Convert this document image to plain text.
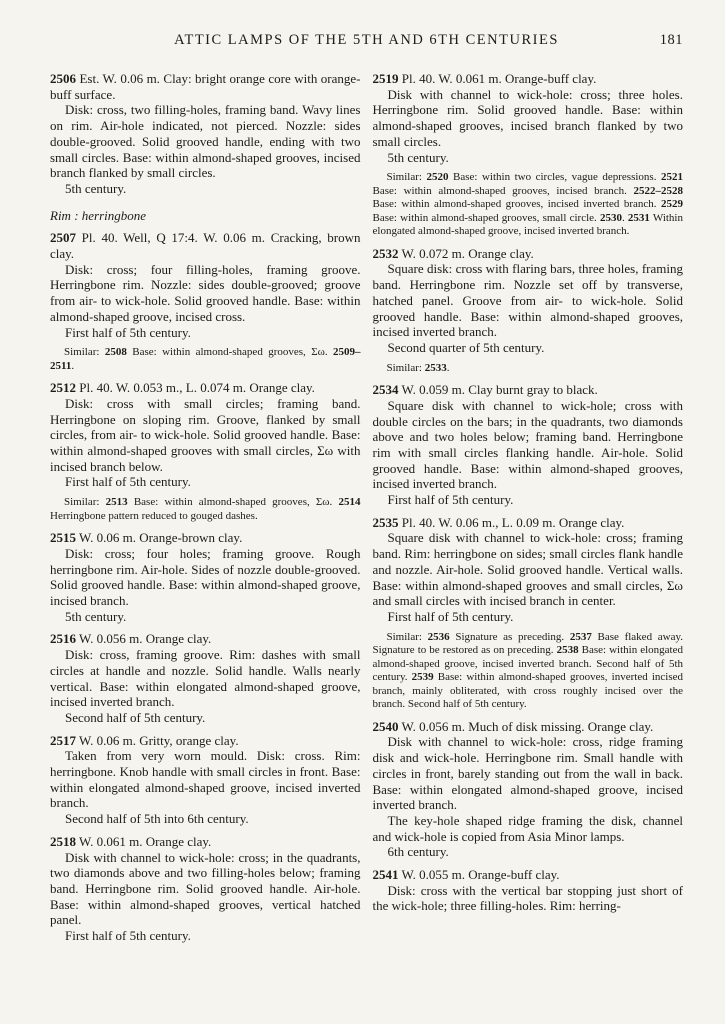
ATTIC LAMPS OF THE 5TH AND 6TH CENTURIES	181

2506 Est. W. 0.06 m. Clay: bright orange core with orange-buff surface.

Disk: cross, two filling-holes, framing band. Wavy lines on rim. Air-hole indicated, not pierced. Nozzle: sides double-grooved. Solid grooved handle, ending with two small circles. Base: within almond-shaped grooves, incised branch flanked by small circles.

5th century.

Rim : herringbone

2507 Pl. 40. Well, Q 17:4. W. 0.06 m. Cracking, brown clay.

Disk: cross; four filling-holes, framing groove. Herringbone rim. Nozzle: sides double-grooved; groove from air- to wick-hole. Solid grooved handle. Base: within almond-shaped groove, incised cross.

First half of 5th century.

Similar: 2508 Base: within almond-shaped grooves, Σω. 2509–2511.

2512 Pl. 40. W. 0.053 m., L. 0.074 m. Orange clay.

Disk: cross with small circles; framing band. Herringbone on sloping rim. Groove, flanked by small circles, from air- to wick-hole. Solid grooved handle. Base: within almond-shaped grooves with small circles, Σω with incised branch below.

First half of 5th century.

Similar: 2513 Base: within almond-shaped grooves, Σω. 2514 Herringbone pattern reduced to gouged dashes.

2515 W. 0.06 m. Orange-brown clay.

Disk: cross; four holes; framing groove. Rough herringbone rim. Air-hole. Sides of nozzle double-grooved. Solid grooved handle. Base: within almond-shaped groove, incised branch.

5th century.

2516 W. 0.056 m. Orange clay.

Disk: cross, framing groove. Rim: dashes with small circles at handle and nozzle. Solid handle. Walls nearly vertical. Base: within elongated almond-shaped groove, incised inverted branch.

Second half of 5th century.

2517 W. 0.06 m. Gritty, orange clay.

Taken from very worn mould. Disk: cross. Rim: herringbone. Knob handle with small circles in front. Base: within elongated almond-shaped groove, incised inverted branch.

Second half of 5th into 6th century.

2518 W. 0.061 m. Orange clay.

Disk with channel to wick-hole: cross; in the quadrants, two diamonds above and two filling-holes below; framing band. Herringbone rim. Solid grooved handle. Air-hole. Base: within almond-shaped grooves, vertical hatched panel.

First half of 5th century.

2519 Pl. 40. W. 0.061 m. Orange-buff clay.

Disk with channel to wick-hole: cross; three holes. Herringbone rim. Solid grooved handle. Base: within almond-shaped grooves, incised branch flanked by two small circles.

5th century.

Similar: 2520 Base: within two circles, vague depressions. 2521 Base: within almond-shaped grooves, incised branch. 2522–2528 Base: within almond-shaped grooves, incised inverted branch. 2529 Base: within almond-shaped grooves, small circle. 2530. 2531 Within elongated almond-shaped groove, incised inverted branch.

2532 W. 0.072 m. Orange clay.

Square disk: cross with flaring bars, three holes, framing band. Herringbone rim. Nozzle set off by transverse, hatched panel. Groove from air- to wick-hole. Solid grooved handle. Base: within almond-shaped grooves, incised inverted branch.

Second quarter of 5th century.

Similar: 2533.

2534 W. 0.059 m. Clay burnt gray to black.

Square disk with channel to wick-hole; cross with double circles on the bars; in the quadrants, two diamonds above and two holes below; framing band. Herringbone rim with small circles flanking handle. Air-hole. Solid grooved handle. Base: within almond-shaped grooves, incised inverted branch.

First half of 5th century.

2535 Pl. 40. W. 0.06 m., L. 0.09 m. Orange clay.

Square disk with channel to wick-hole: cross; framing band. Rim: herringbone on sides; small circles flank handle and nozzle. Air-hole. Solid grooved handle. Vertical walls. Base: within almond-shaped grooves and small circles, Σω and small circles with incised branch in center.

First half of 5th century.

Similar: 2536 Signature as preceding. 2537 Base flaked away. Signature to be restored as on preceding. 2538 Base: within elongated almond-shaped groove, incised inverted branch. Second half of 5th century. 2539 Base: within almond-shaped grooves, inverted incised branch, mainly obliterated, with cross roughly incised over the branch. Second half of 5th century.

2540 W. 0.056 m. Much of disk missing. Orange clay.

Disk with channel to wick-hole: cross, ridge framing disk and wick-hole. Herringbone rim. Small handle with circles in front, barely standing out from the wall in back. Base: within elongated almond-shaped groove, incised inverted branch.

The key-hole shaped ridge framing the disk, channel and wick-hole is copied from Asia Minor lamps.

6th century.

2541 W. 0.055 m. Orange-buff clay.

Disk: cross with the vertical bar stopping just short of the wick-hole; three filling-holes. Rim: herring-
